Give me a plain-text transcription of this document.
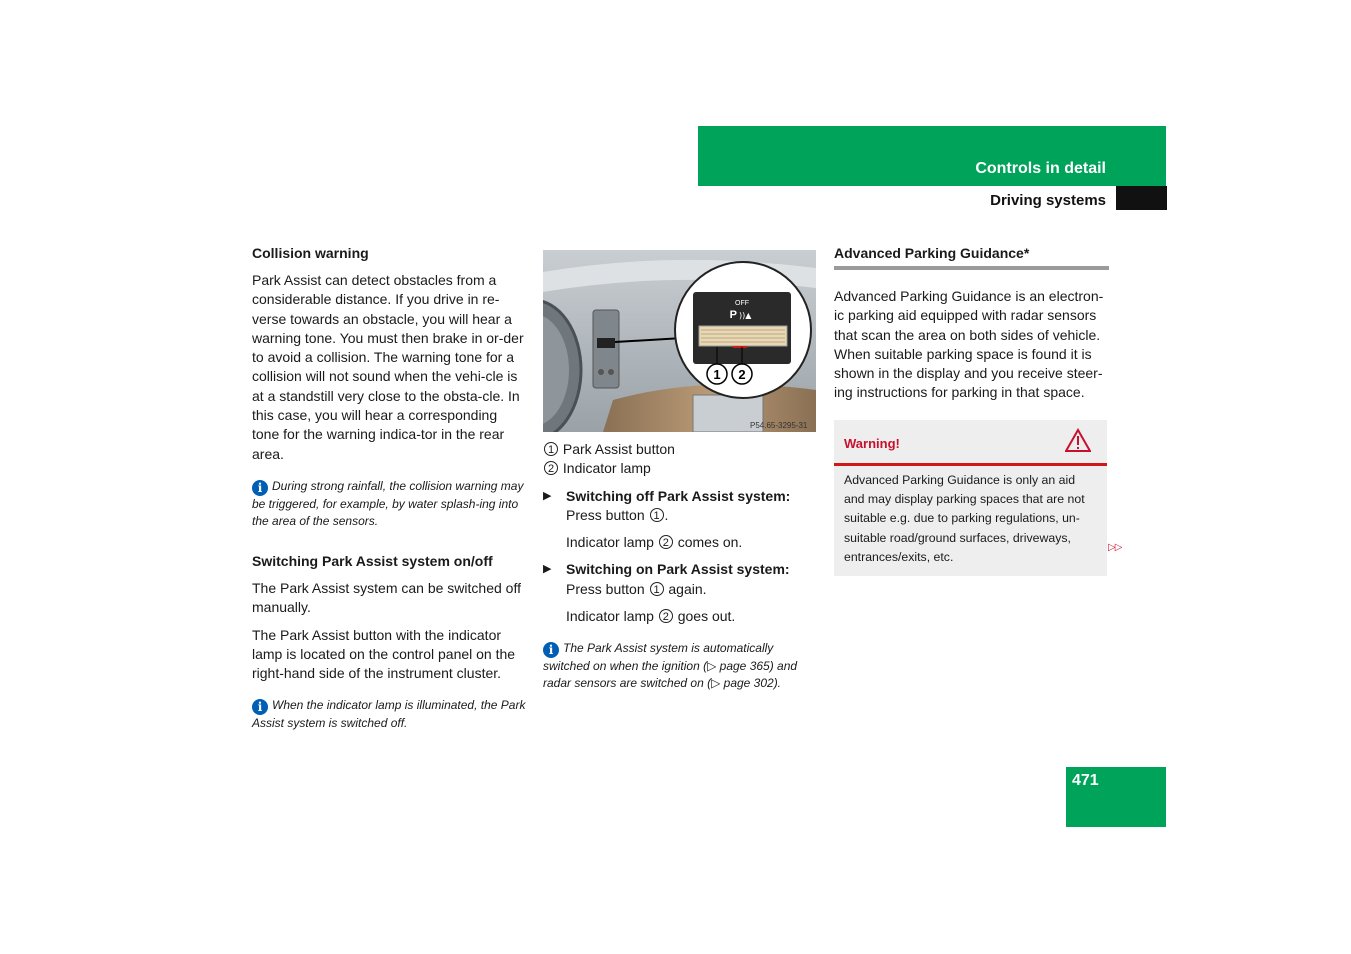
Controls in detail
Driving systems
Collision warning

Park Assist can detect obstacles from a considerable distance. If you drive in re-verse towards an obstacle, you will hear a warning tone. You must then brake in or-der to avoid a collision. The warning tone for a collision will not sound when the vehi-cle is at a standstill very close to the obsta-cle. In this case, you will hear a corresponding tone for the warning indica-tor in the rear area.

i During strong rainfall, the collision warning may be triggered, for example, by water splash-ing into the area of the sensors.
Switching Park Assist system on/off

The Park Assist system can be switched off manually.

The Park Assist button with the indicator lamp is located on the control panel on the right-hand side of the instrument cluster.

i When the indicator lamp is illuminated, the Park Assist system is switched off.
OFF
P ))▲
1 2
P54.65-3295-31

1 Park Assist button

2 Indicator lamp

▶ Switching off Park Assist system:

Press button 1 .

Indicator lamp 2 comes on.

▶ Switching on Park Assist system:

Press button 1 again.

Indicator lamp 2 goes out.

i The Park Assist system is automatically switched on when the ignition (▷ page 365) and radar sensors are switched on (▷ page 302).
Advanced Parking Guidance*

Advanced Parking Guidance is an electron-ic parking aid equipped with radar sensors that scan the area on both sides of vehicle. When suitable parking space is found it is shown in the display and you receive steer-ing instructions for parking in that space.

Warning!
Advanced Parking Guidance is only an aid and may display parking spaces that are not suitable e.g. due to parking regulations, un-suitable road/ground surfaces, driveways, entrances/exits, etc.
▷▷
471
